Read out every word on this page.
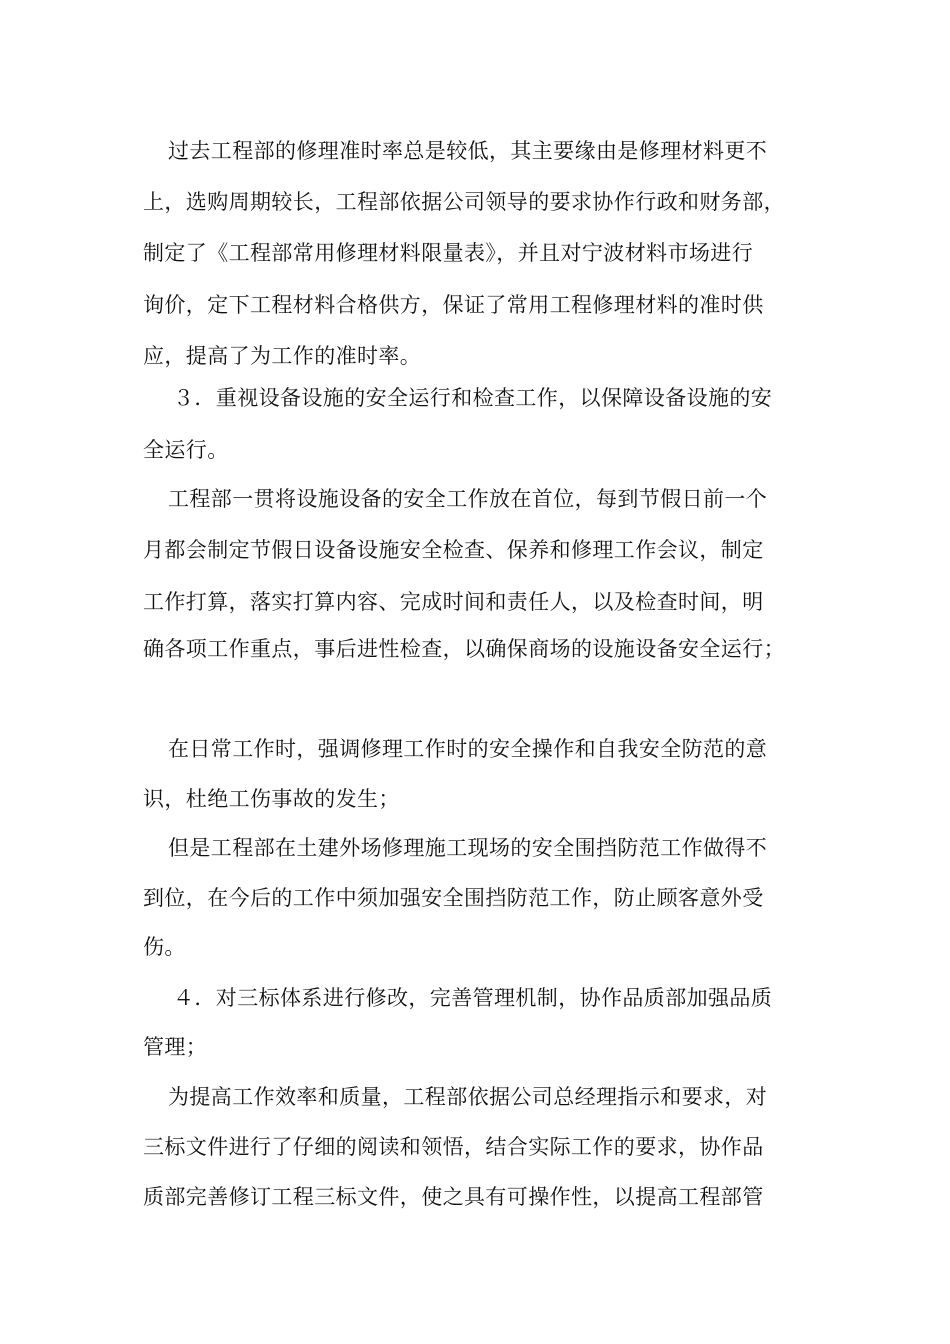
过去工程部的修理准时率总是较低，其主要缘由是修理材料更不
上，选购周期较长，工程部依据公司领导的要求协作行政和财务部，
制定了《工程部常用修理材料限量表》，并且对宁波材料市场进行
询价，定下工程材料合格供方，保证了常用工程修理材料的准时供
应，提高了为工作的准时率。
３．重视设备设施的安全运行和检查工作，以保障设备设施的安
全运行。
工程部一贯将设施设备的安全工作放在首位，每到节假日前一个
月都会制定节假日设备设施安全检查、保养和修理工作会议，制定
工作打算，落实打算内容、完成时间和责任人，以及检查时间，明
确各项工作重点，事后进性检查，以确保商场的设施设备安全运行；
在日常工作时，强调修理工作时的安全操作和自我安全防范的意
识，杜绝工伤事故的发生；
但是工程部在土建外场修理施工现场的安全围挡防范工作做得不
到位，在今后的工作中须加强安全围挡防范工作，防止顾客意外受
伤。
４．对三标体系进行修改，完善管理机制，协作品质部加强品质
管理；
为提高工作效率和质量，工程部依据公司总经理指示和要求，对
三标文件进行了仔细的阅读和领悟，结合实际工作的要求，协作品
质部完善修订工程三标文件，使之具有可操作性，以提高工程部管
